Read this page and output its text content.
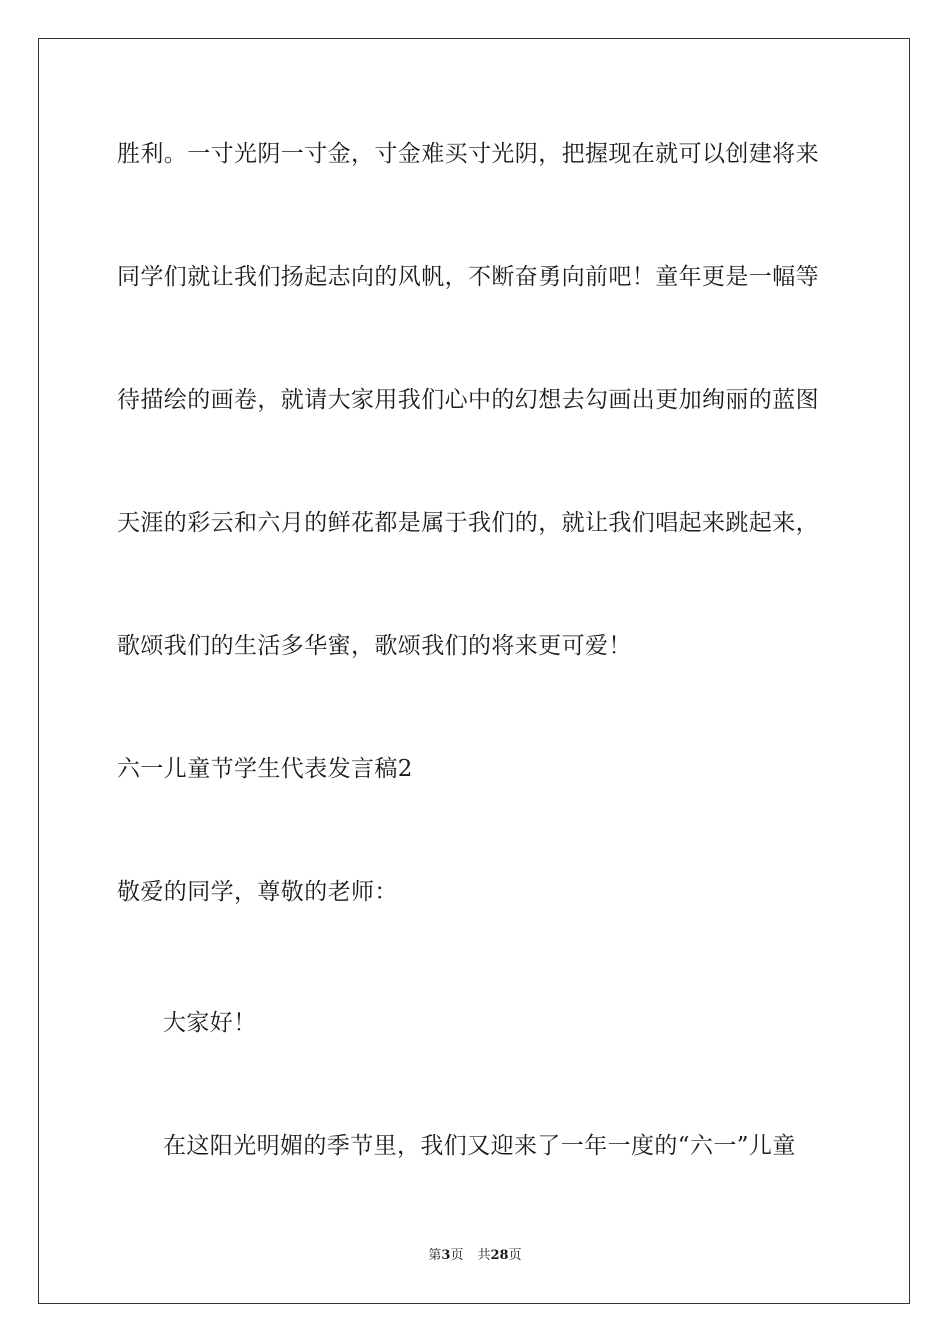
胜利。一寸光阴一寸金，寸金难买寸光阴，把握现在就可以创建将来
同学们就让我们扬起志向的风帆，不断奋勇向前吧！童年更是一幅等
待描绘的画卷，就请大家用我们心中的幻想去勾画出更加绚丽的蓝图
天涯的彩云和六月的鲜花都是属于我们的，就让我们唱起来跳起来，
歌颂我们的生活多华蜜，歌颂我们的将来更可爱！
六一儿童节学生代表发言稿2
敬爱的同学，尊敬的老师：
大家好！
在这阳光明媚的季节里，我们又迎来了一年一度的“六一”儿童
第3页 共28页
